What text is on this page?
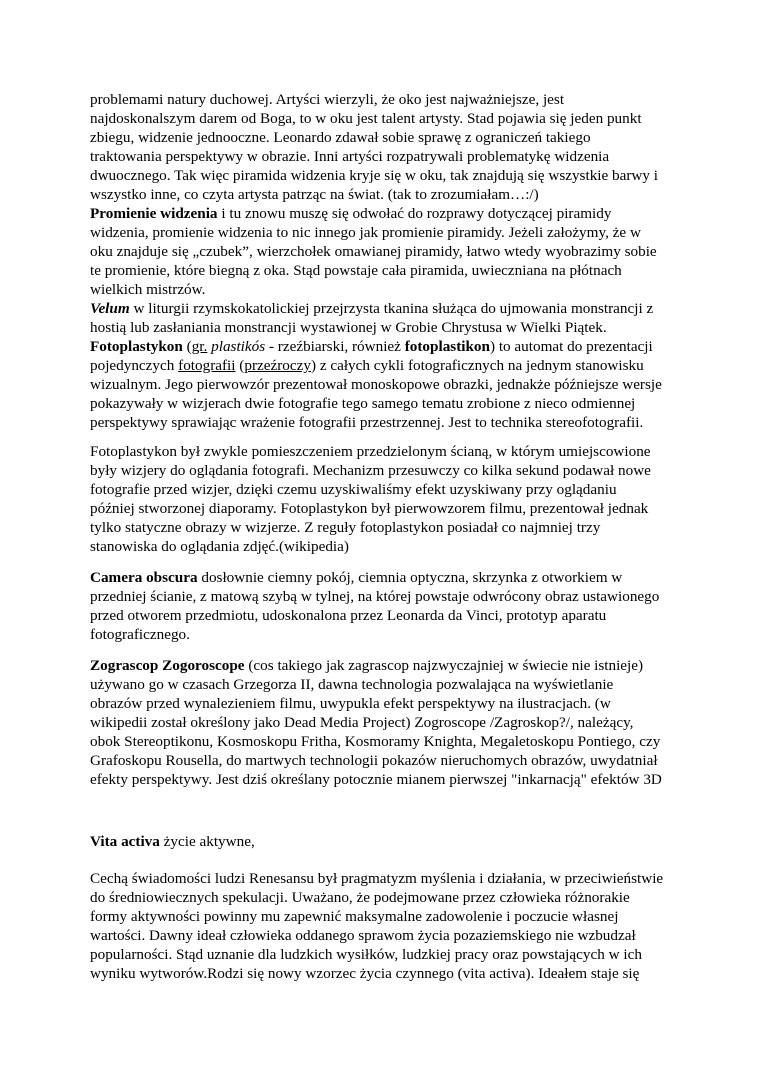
problemami natury duchowej. Artyści wierzyli, że oko jest najważniejsze, jest
najdoskonalszym darem od Boga, to w oku jest talent artysty. Stad pojawia się jeden punkt
zbiegu, widzenie jednooczne. Leonardo zdawał sobie sprawę z ograniczeń takiego
traktowania perspektywy w obrazie. Inni artyści rozpatrywali problematykę widzenia
dwuocznego. Tak więc piramida widzenia kryje się w oku, tak znajdują się wszystkie barwy i
wszystko inne, co czyta artysta patrząc na świat. (tak to zrozumiałam…:/)
Promienie widzenia i tu znowu muszę się odwołać do rozprawy dotyczącej piramidy
widzenia, promienie widzenia to nic innego jak promienie piramidy. Jeżeli założymy, że w
oku znajduje się „czubek”, wierzchołek omawianej piramidy, łatwo wtedy wyobrazimy sobie
te promienie, które biegną z oka. Stąd powstaje cała piramida, uwieczniana na płótnach
wielkich mistrzów.
Velum w liturgii rzymskokatolickiej przejrzysta tkanina służąca do ujmowania monstrancji z
hostią lub zasłaniania monstrancji wystawionej w Grobie Chrystusa w Wielki Piątek.
Fotoplastykon (gr. plastikós - rzeźbiarski, również fotoplastikon) to automat do prezentacji
pojedynczych fotografii (przeźroczy) z całych cykli fotograficznych na jednym stanowisku
wizualnym. Jego pierwowzór prezentował monoskopowe obrazki, jednakże późniejsze wersje
pokazywały w wizjerach dwie fotografie tego samego tematu zrobione z nieco odmiennej
perspektywy sprawiając wrażenie fotografii przestrzennej. Jest to technika stereofotografii.
Fotoplastykon był zwykle pomieszczeniem przedzielonym ścianą, w którym umiejscowione
były wizjery do oglądania fotografi. Mechanizm przesuwczy co kilka sekund podawał nowe
fotografie przed wizjer, dzięki czemu uzyskiwaliśmy efekt uzyskiwany przy oglądaniu
później stworzonej diaporamy. Fotoplastykon był pierwowzorem filmu, prezentował jednak
tylko statyczne obrazy w wizjerze. Z reguły fotoplastykon posiadał co najmniej trzy
stanowiska do oglądania zdjęć.(wikipedia)
Camera obscura dosłownie ciemny pokój, ciemnia optyczna, skrzynka z otworkiem w
przedniej ścianie, z matową szybą w tylnej, na której powstaje odwrócony obraz ustawionego
przed otworem przedmiotu, udoskonalona przez Leonarda da Vinci, prototyp aparatu
fotograficznego.
Zograscop Zogoroscope (cos takiego jak zagrascop najzwyczajniej w świecie nie istnieje)
używano go w czasach Grzegorza II, dawna technologia pozwalająca na wyświetlanie
obrazów przed wynalezieniem filmu, uwypukla efekt perspektywy na ilustracjach. (w
wikipedii został określony jako Dead Media Project) Zogroscope /Zagroskop?/, należący,
obok Stereoptikonu, Kosmoskopu Fritha, Kosmoramy Knighta, Megaletoskopu Pontiego, czy
Grafoskopu Rousella, do martwych technologii pokazów nieruchomych obrazów, uwydatniał
efekty perspektywy. Jest dziś określany potocznie mianem pierwszej "inkarnacją" efektów 3D
Vita activa życie aktywne,
Cechą świadomości ludzi Renesansu był pragmatyzm myślenia i działania, w przeciwieństwie
do średniowiecznych spekulacji. Uważano, że podejmowane przez człowieka różnorakie
formy aktywności powinny mu zapewnić maksymalne zadowolenie i poczucie własnej
wartości. Dawny ideał człowieka oddanego sprawom życia pozaziemskiego nie wzbudzał
popularności. Stąd uznanie dla ludzkich wysiłków, ludzkiej pracy oraz powstających w ich
wyniku wytworów.Rodzi się nowy wzorzec życia czynnego (vita activa). Ideałem staje się
